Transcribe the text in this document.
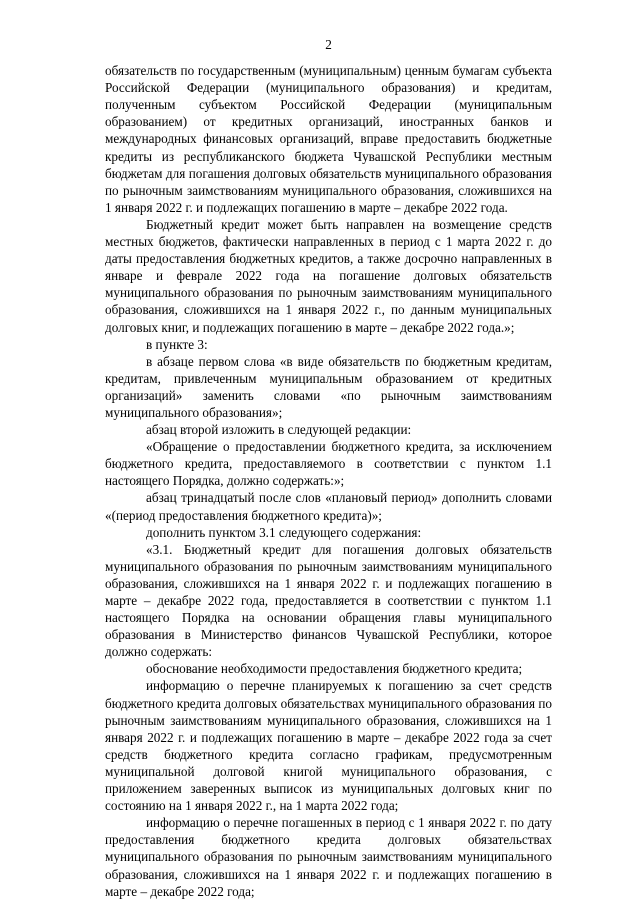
2

обязательств по государственным (муниципальным) ценным бумагам субъекта Российской Федерации (муниципального образования) и кредитам, полученным субъектом Российской Федерации (муниципальным образованием) от кредитных организаций, иностранных банков и международных финансовых организаций, вправе предоставить бюджетные кредиты из республиканского бюджета Чувашской Республики местным бюджетам для погашения долговых обязательств муниципального образования по рыночным заимствованиям муниципального образования, сложившихся на 1 января 2022 г. и подлежащих погашению в марте – декабре 2022 года.

Бюджетный кредит может быть направлен на возмещение средств местных бюджетов, фактически направленных в период с 1 марта 2022 г. до даты предоставления бюджетных кредитов, а также досрочно направленных в январе и феврале 2022 года на погашение долговых обязательств муниципального образования по рыночным заимствованиям муниципального образования, сложившихся на 1 января 2022 г., по данным муниципальных долговых книг, и подлежащих погашению в марте – декабре 2022 года.»;

в пункте 3:

в абзаце первом слова «в виде обязательств по бюджетным кредитам, кредитам, привлеченным муниципальным образованием от кредитных организаций» заменить словами «по рыночным заимствованиям муниципального образования»;

абзац второй изложить в следующей редакции:

«Обращение о предоставлении бюджетного кредита, за исключением бюджетного кредита, предоставляемого в соответствии с пунктом 1.1 настоящего Порядка, должно содержать:»;

абзац тринадцатый после слов «плановый период» дополнить словами «(период предоставления бюджетного кредита)»;

дополнить пунктом 3.1 следующего содержания:

«3.1. Бюджетный кредит для погашения долговых обязательств муниципального образования по рыночным заимствованиям муниципального образования, сложившихся на 1 января 2022 г. и подлежащих погашению в марте – декабре 2022 года, предоставляется в соответствии с пунктом 1.1 настоящего Порядка на основании обращения главы муниципального образования в Министерство финансов Чувашской Республики, которое должно содержать:

обоснование необходимости предоставления бюджетного кредита;

информацию о перечне планируемых к погашению за счет средств бюджетного кредита долговых обязательствах муниципального образования по рыночным заимствованиям муниципального образования, сложившихся на 1 января 2022 г. и подлежащих погашению в марте – декабре 2022 года за счет средств бюджетного кредита согласно графикам, предусмотренным муниципальной долговой книгой муниципального образования, с приложением заверенных выписок из муниципальных долговых книг по состоянию на 1 января 2022 г., на 1 марта 2022 года;

информацию о перечне погашенных в период с 1 января 2022 г. по дату предоставления бюджетного кредита долговых обязательствах муниципального образования по рыночным заимствованиям муниципального образования, сложившихся на 1 января 2022 г. и подлежащих погашению в марте – декабре 2022 года;
